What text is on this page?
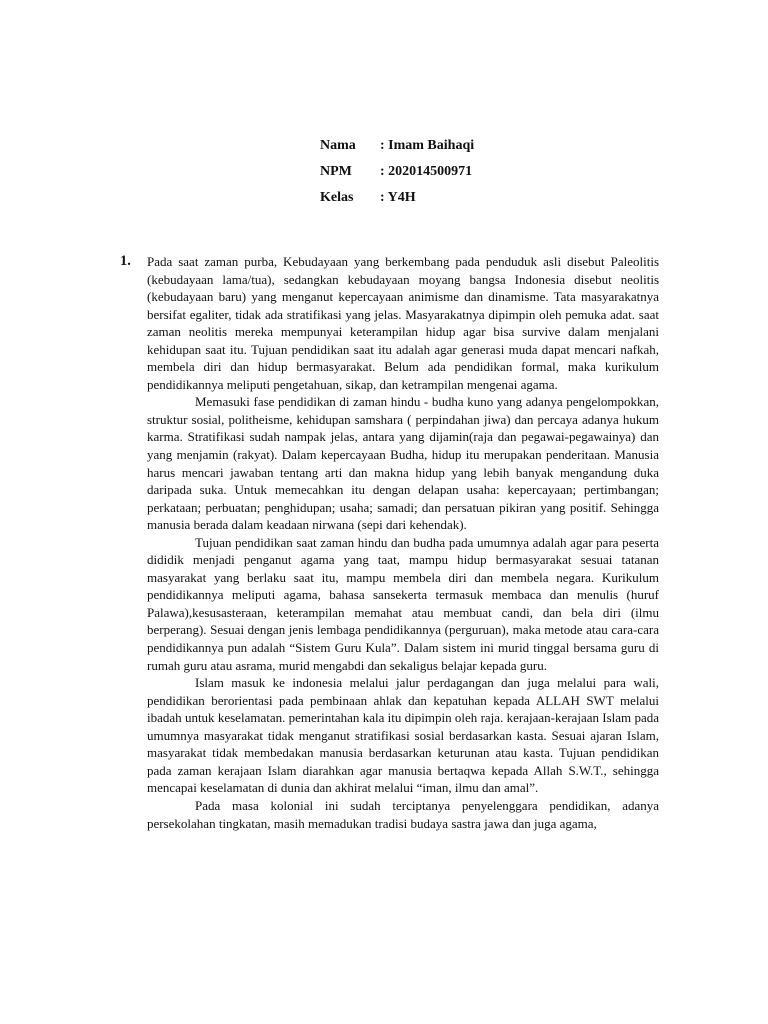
Nama	: Imam Baihaqi
NPM	: 202014500971
Kelas	: Y4H
1. Pada saat zaman purba, Kebudayaan yang berkembang pada penduduk asli disebut Paleolitis (kebudayaan lama/tua), sedangkan kebudayaan moyang bangsa Indonesia disebut neolitis (kebudayaan baru) yang menganut kepercayaan animisme dan dinamisme. Tata masyarakatnya bersifat egaliter, tidak ada stratifikasi yang jelas. Masyarakatnya dipimpin oleh pemuka adat. saat zaman neolitis mereka mempunyai keterampilan hidup agar bisa survive dalam menjalani kehidupan saat itu. Tujuan pendidikan saat itu adalah agar generasi muda dapat mencari nafkah, membela diri dan hidup bermasyarakat. Belum ada pendidikan formal, maka kurikulum pendidikannya meliputi pengetahuan, sikap, dan ketrampilan mengenai agama.

Memasuki fase pendidikan di zaman hindu - budha kuno yang adanya pengelompokkan, struktur sosial, politheisme, kehidupan samshara ( perpindahan jiwa) dan percaya adanya hukum karma. Stratifikasi sudah nampak jelas, antara yang dijamin(raja dan pegawai-pegawainya) dan yang menjamin (rakyat). Dalam kepercayaan Budha, hidup itu merupakan penderitaan. Manusia harus mencari jawaban tentang arti dan makna hidup yang lebih banyak mengandung duka daripada suka. Untuk memecahkan itu dengan delapan usaha: kepercayaan; pertimbangan; perkataan; perbuatan; penghidupan; usaha; samadi; dan persatuan pikiran yang positif. Sehingga manusia berada dalam keadaan nirwana (sepi dari kehendak).

Tujuan pendidikan saat zaman hindu dan budha pada umumnya adalah agar para peserta dididik menjadi penganut agama yang taat, mampu hidup bermasyarakat sesuai tatanan masyarakat yang berlaku saat itu, mampu membela diri dan membela negara. Kurikulum pendidikannya meliputi agama, bahasa sansekerta termasuk membaca dan menulis (huruf Palawa),kesusasteraan, keterampilan memahat atau membuat candi, dan bela diri (ilmu berperang). Sesuai dengan jenis lembaga pendidikannya (perguruan), maka metode atau cara-cara pendidikannya pun adalah “Sistem Guru Kula”. Dalam sistem ini murid tinggal bersama guru di rumah guru atau asrama, murid mengabdi dan sekaligus belajar kepada guru.

Islam masuk ke indonesia melalui jalur perdagangan dan juga melalui para wali, pendidikan berorientasi pada pembinaan ahlak dan kepatuhan kepada ALLAH SWT melalui ibadah untuk keselamatan. pemerintahan kala itu dipimpin oleh raja. kerajaan-kerajaan Islam pada umumnya masyarakat tidak menganut stratifikasi sosial berdasarkan kasta. Sesuai ajaran Islam, masyarakat tidak membedakan manusia berdasarkan keturunan atau kasta. Tujuan pendidikan pada zaman kerajaan Islam diarahkan agar manusia bertaqwa kepada Allah S.W.T., sehingga mencapai keselamatan di dunia dan akhirat melalui “iman, ilmu dan amal”.

Pada masa kolonial ini sudah terciptanya penyelenggara pendidikan, adanya persekolahan tingkatan, masih memadukan tradisi budaya sastra jawa dan juga agama,
